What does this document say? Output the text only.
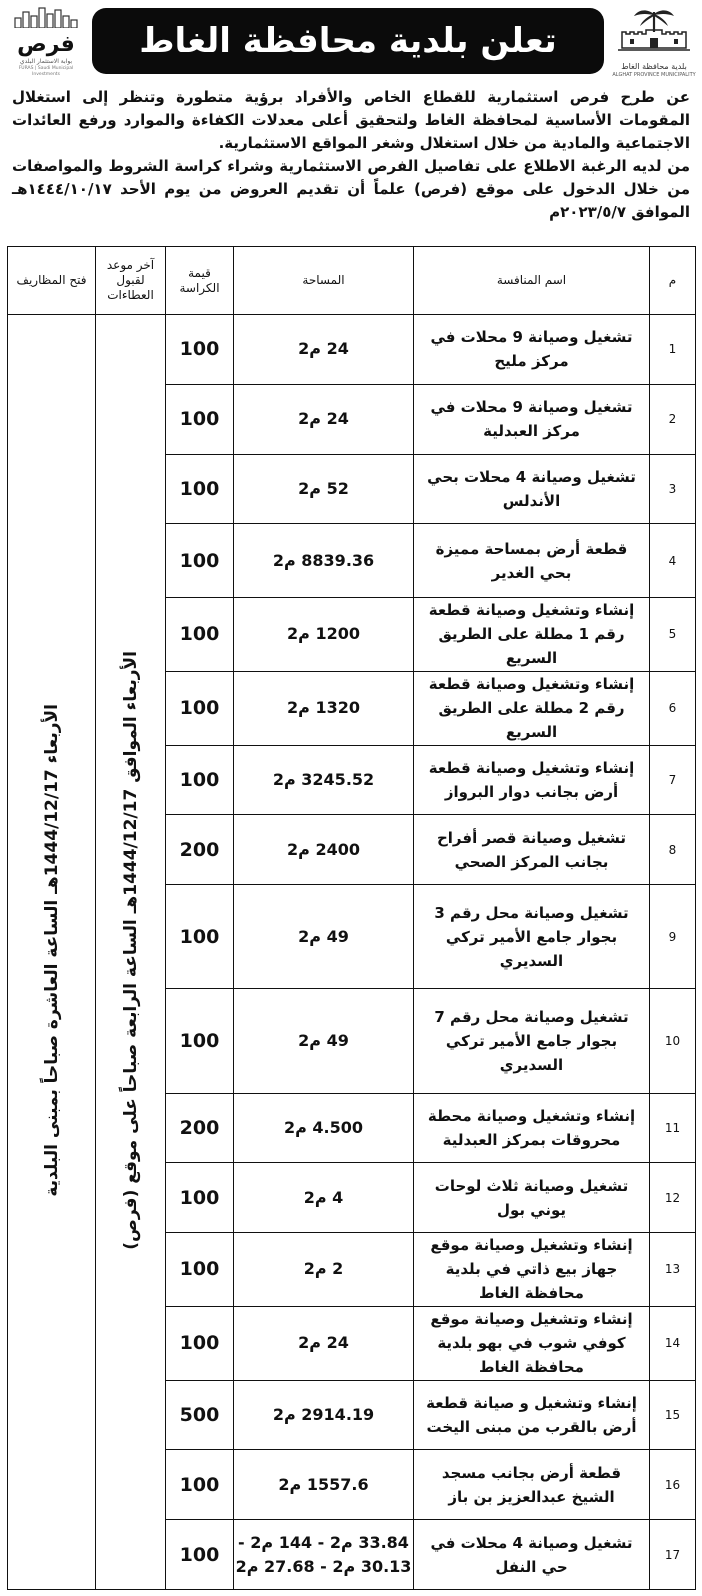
بلدية محافظة الغاط
ALGHAT PROVINCE MUNICIPALITY
تعلن بلدية محافظة الغاط
فرص
بوابة الاستثمار البلدي
FURAS | Saudi Municipal Investments

عن طرح فرص استثمارية للقطاع الخاص والأفراد برؤية متطورة وتنظر إلى استغلال المقومات الأساسية لمحافظة الغاط ولتحقيق أعلى معدلات الكفاءة والموارد ورفع العائدات الاجتماعية والمادية من خلال استغلال وشغر المواقع الاستثمارية.

من لديه الرغبة الاطلاع على تفاصيل الفرص الاستثمارية وشراء كراسة الشروط والمواصفات من خلال الدخول على موقع (فرص) علماً أن تقديم العروض من يوم الأحد ١٤٤٤/١٠/١٧هـ الموافق ٢٠٢٣/٥/٧م

م	اسم المنافسة	المساحة	قيمة الكراسة	آخر موعد لقبول العطاءات	فتح المظاريف
1	تشغيل وصيانة 9 محلات في مركز مليح	24 م2	100	الأربعاء الموافق 1444/12/17هـ الساعة الرابعة صباحاً على موقع (فرص)	الأربعاء 1444/12/17هـ الساعة العاشرة صباحاً بمبنى البلدية
2	تشغيل وصيانة 9 محلات في مركز العبدلية	24 م2	100		
3	تشغيل وصيانة 4 محلات بحي الأندلس	52 م2	100		
4	قطعة أرض بمساحة مميزة بحي الغدير	8839.36 م2	100		
5	إنشاء وتشغيل وصيانة قطعة رقم 1 مطلة على الطريق السريع	1200 م2	100		
6	إنشاء وتشغيل وصيانة قطعة رقم 2 مطلة على الطريق السريع	1320 م2	100		
7	إنشاء وتشغيل وصيانة قطعة أرض بجانب دوار البرواز	3245.52 م2	100		
8	تشغيل وصيانة قصر أفراح بجانب المركز الصحي	2400 م2	200		
9	تشغيل وصيانة محل رقم 3 بجوار جامع الأمير تركي السديري	49 م2	100		
10	تشغيل وصيانة محل رقم 7 بجوار جامع الأمير تركي السديري	49 م2	100		
11	إنشاء وتشغيل وصيانة محطة محروقات بمركز العبدلية	4.500 م2	200		
12	تشغيل وصيانة ثلاث لوحات يوني بول	4 م2	100		
13	إنشاء وتشغيل وصيانة موقع جهاز بيع ذاتي في بلدية محافظة الغاط	2 م2	100		
14	إنشاء وتشغيل وصيانة موقع كوفي شوب في بهو بلدية محافظة الغاط	24 م2	100		
15	إنشاء وتشغيل و صيانة قطعة أرض بالقرب من مبنى اليخت	2914.19 م2	500		
16	قطعة أرض بجانب مسجد الشيخ عبدالعزيز بن باز	1557.6 م2	100		
17	تشغيل وصيانة 4 محلات في حي النفل	33.84 م2 - 144 م2 - 30.13 م2 - 27.68 م2	100		
